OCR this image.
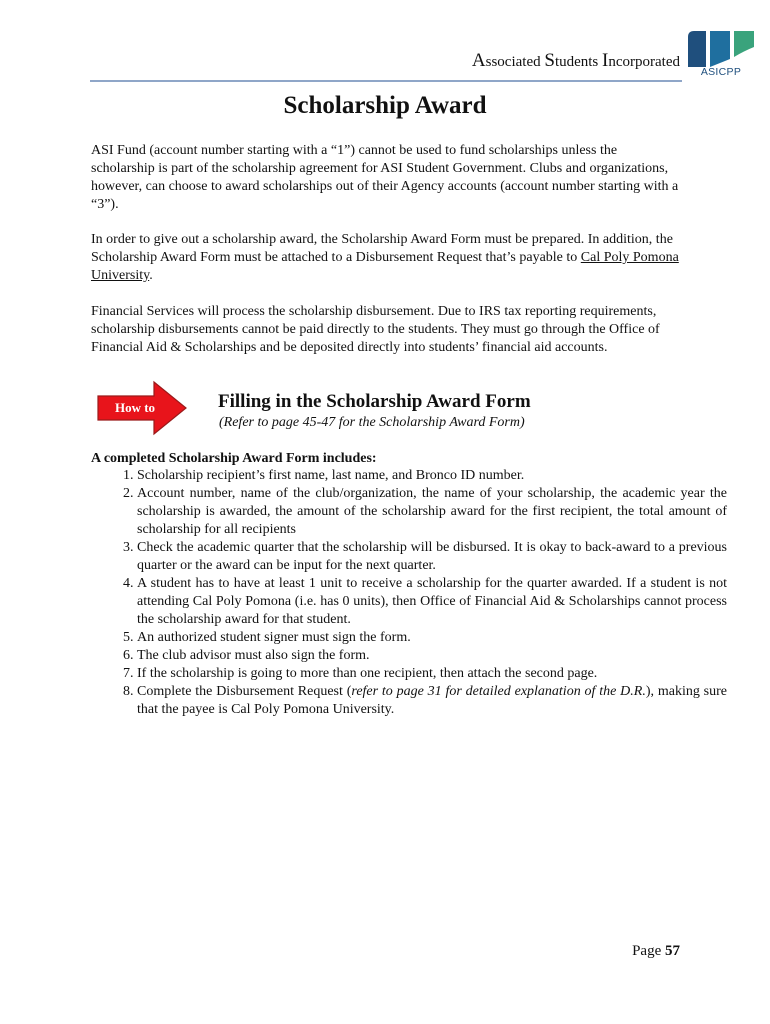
Associated Students Incorporated
ASICPP
Scholarship Award
ASI Fund (account number starting with a “1”) cannot be used to fund scholarships unless the scholarship is part of the scholarship agreement for ASI Student Government. Clubs and organizations, however, can choose to award scholarships out of their Agency accounts (account number starting with a “3”).
In order to give out a scholarship award, the Scholarship Award Form must be prepared. In addition, the Scholarship Award Form must be attached to a Disbursement Request that’s payable to Cal Poly Pomona University.
Financial Services will process the scholarship disbursement. Due to IRS tax reporting requirements, scholarship disbursements cannot be paid directly to the students. They must go through the Office of Financial Aid & Scholarships and be deposited directly into students’ financial aid accounts.
How to	Filling in the Scholarship Award Form
(Refer to page 45-47 for the Scholarship Award Form)
A completed Scholarship Award Form includes:
1. Scholarship recipient’s first name, last name, and Bronco ID number.
2. Account number, name of the club/organization, the name of your scholarship, the academic year the scholarship is awarded, the amount of the scholarship award for the first recipient, the total amount of scholarship for all recipients
3. Check the academic quarter that the scholarship will be disbursed. It is okay to back-award to a previous quarter or the award can be input for the next quarter.
4. A student has to have at least 1 unit to receive a scholarship for the quarter awarded. If a student is not attending Cal Poly Pomona (i.e. has 0 units), then Office of Financial Aid & Scholarships cannot process the scholarship award for that student.
5. An authorized student signer must sign the form.
6. The club advisor must also sign the form.
7. If the scholarship is going to more than one recipient, then attach the second page.
8. Complete the Disbursement Request (refer to page 31 for detailed explanation of the D.R.), making sure that the payee is Cal Poly Pomona University.
Page 57
